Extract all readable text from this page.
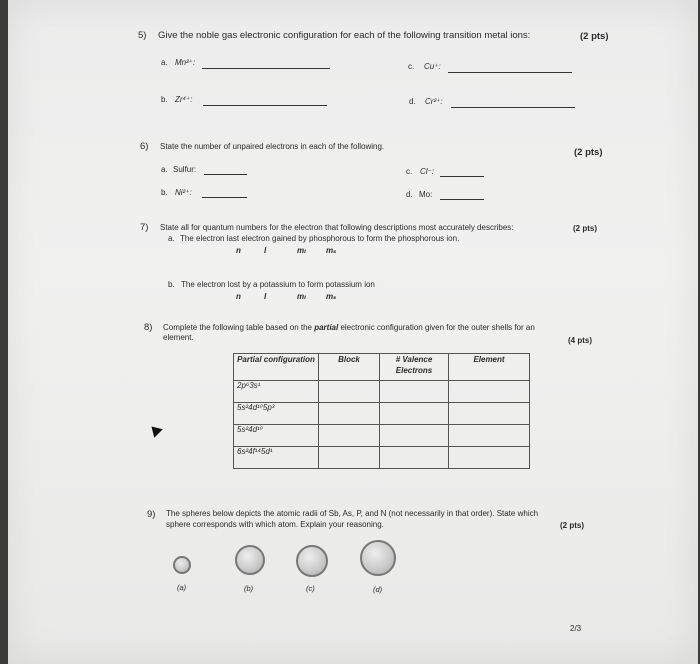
5) Give the noble gas electronic configuration for each of the following transition metal ions:	(2 pts)
a. Mn²⁺:	c. Cu⁺:
b. Zr⁴⁺:	d. Cr²⁺:
6) State the number of unpaired electrons in each of the following.
(2 pts)
a. Sulfur:	c. Cl⁻:
b. Ni²⁺:	d. Mo:
7) State all for quantum numbers for the electron that following descriptions most accurately describes:	(2 pts)
a. The electron last electron gained by phosphorous to form the phosphorous ion.
n	l	mₗ	mₛ
b. The electron lost by a potassium to form potassium ion
n	l	mₗ	mₛ
8) Complete the following table based on the partial electronic configuration given for the outer shells for an
element.	(4 pts)
Partial configuration	Block	# Valence Electrons	Element
2p⁶3s¹			
5s²4d¹⁰5p³			
5s²4d¹⁰			
6s²4f¹⁴5d¹			
9) The spheres below depicts the atomic radii of Sb, As, P, and N (not necessarily in that order). State which
sphere corresponds with which atom. Explain your reasoning.	(2 pts)
(a)	(b)	(c)	(d)
2/3
